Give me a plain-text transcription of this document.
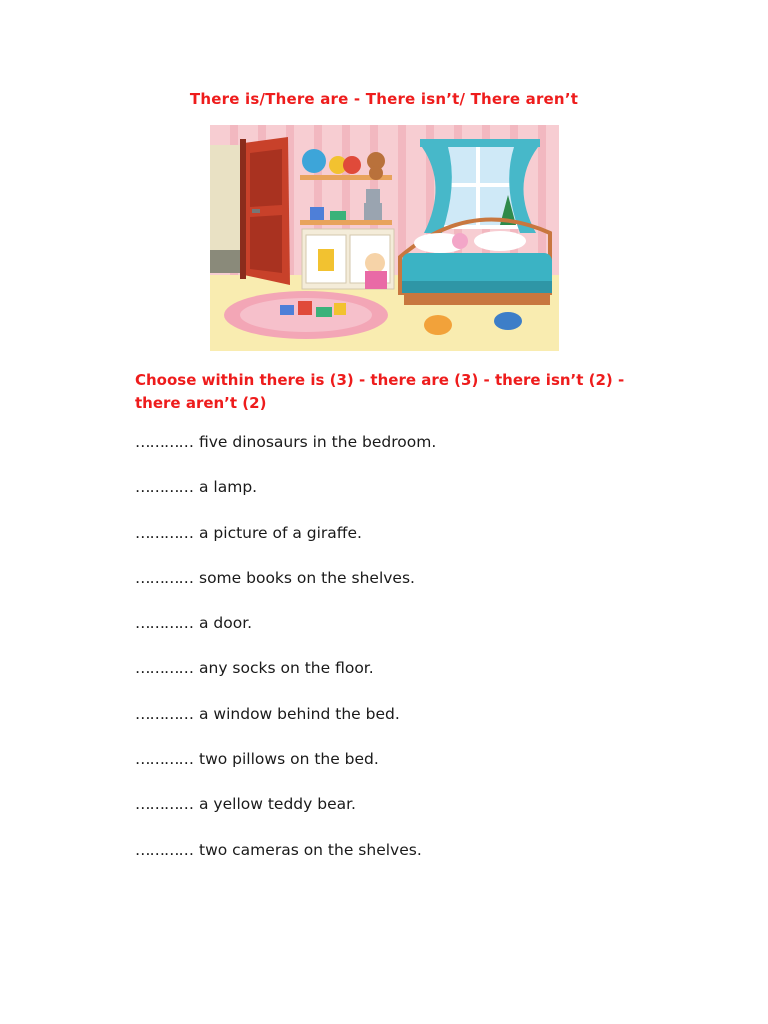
There is/There are - There isn’t/ There aren’t
Choose within there is (3) - there are (3) - there isn’t (2) - there aren’t (2)
………… five dinosaurs in the bedroom.
………… a lamp.
………… a picture of a giraffe.
………… some books on the shelves.
………… a door.
………… any socks on the floor.
………… a window behind the bed.
………… two pillows on the bed.
………… a yellow teddy bear.
………… two cameras on the shelves.
